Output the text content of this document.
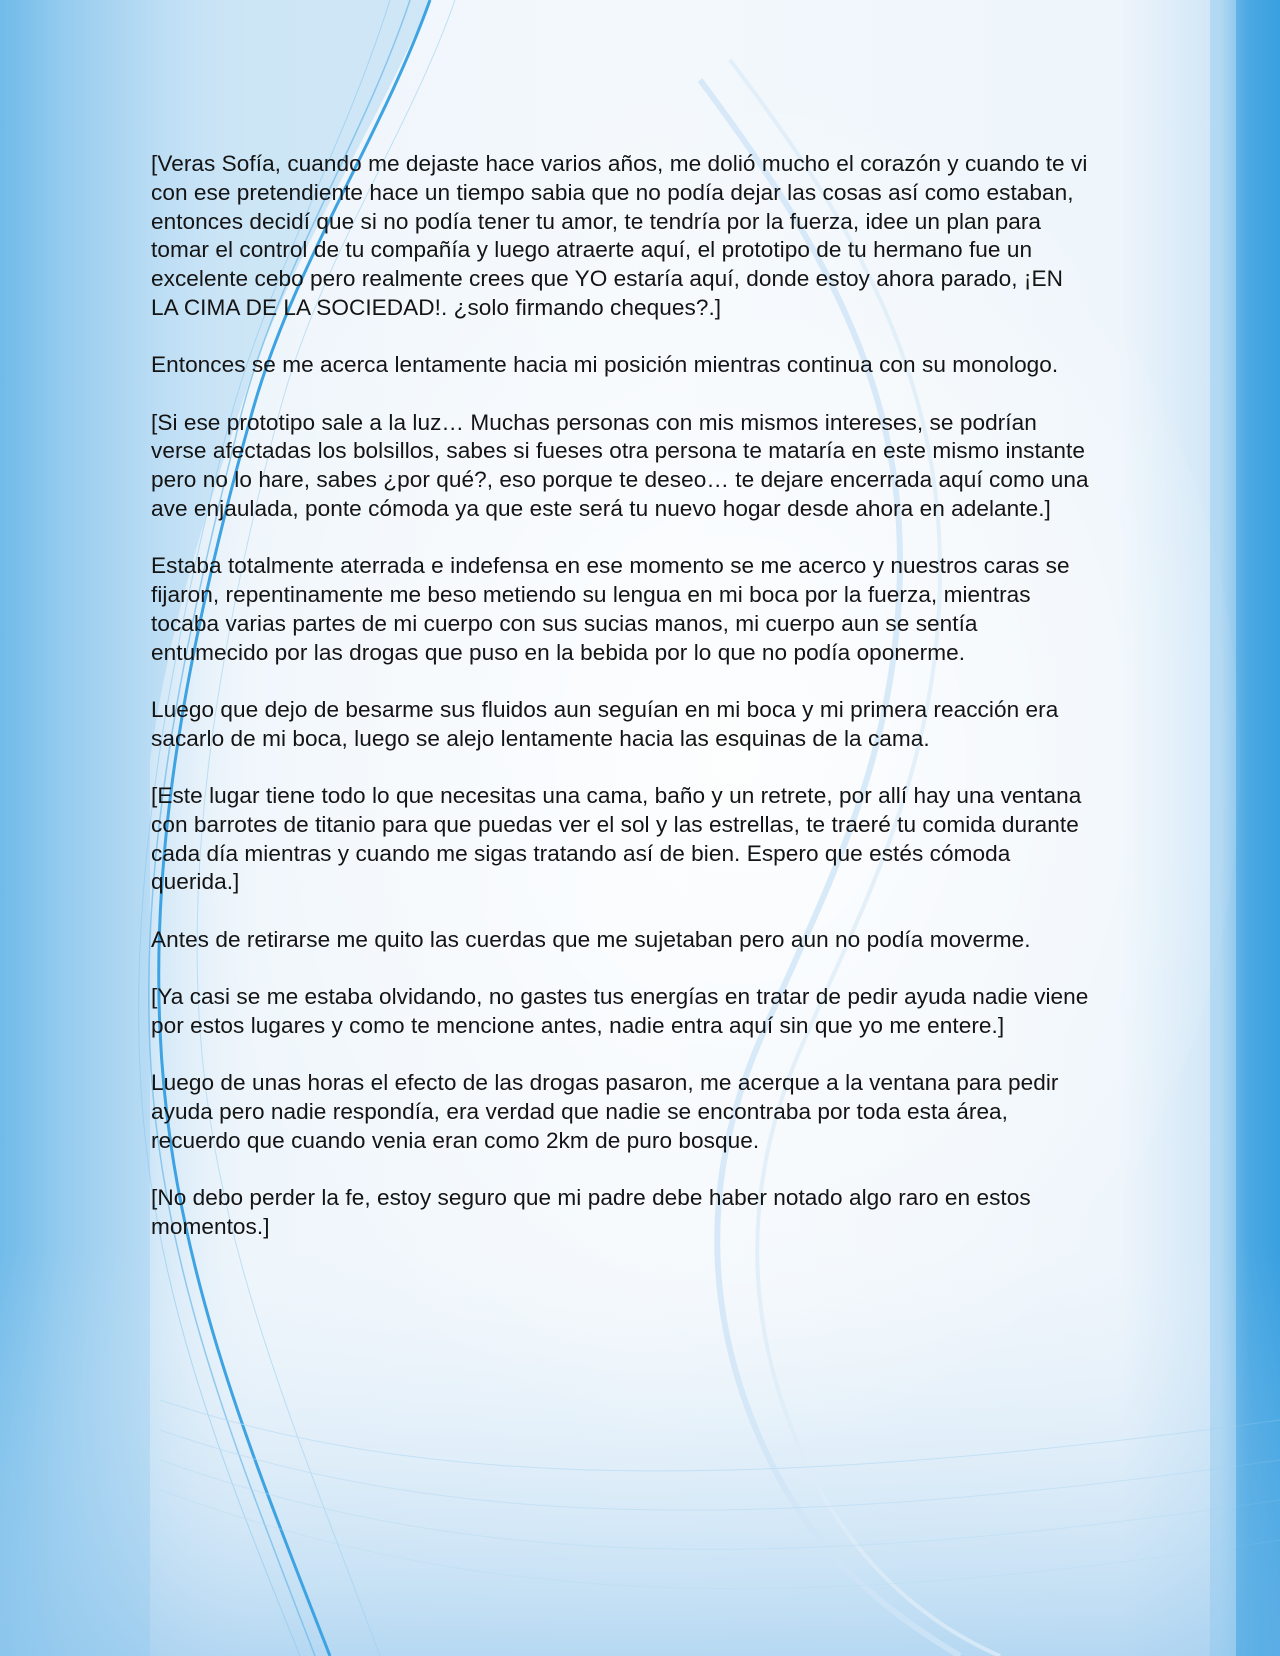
[Veras Sofía, cuando me dejaste hace varios años, me dolió mucho el corazón y cuando te vi con ese pretendiente hace un tiempo sabia que no podía dejar las cosas así como estaban, entonces decidí que si no podía tener tu amor, te tendría por la fuerza, idee un plan para tomar el control de tu compañía y luego atraerte aquí, el prototipo de tu hermano fue un excelente cebo pero realmente crees que YO estaría aquí, donde estoy ahora parado, ¡EN LA CIMA DE LA SOCIEDAD!. ¿solo firmando cheques?.]

Entonces se me acerca lentamente hacia mi posición mientras continua con su monologo.

[Si ese prototipo sale a la luz… Muchas personas con mis mismos intereses, se podrían verse afectadas los bolsillos, sabes si fueses otra persona te mataría en este mismo instante pero no lo hare, sabes ¿por qué?, eso porque te deseo… te dejare encerrada aquí como una ave enjaulada, ponte cómoda ya que este será tu nuevo hogar desde ahora en adelante.]

Estaba totalmente aterrada e indefensa en ese momento se me acerco y nuestros caras se fijaron, repentinamente me beso metiendo su lengua en mi boca por la fuerza, mientras tocaba varias partes de mi cuerpo con sus sucias manos, mi cuerpo aun se sentía entumecido por las drogas que puso en la bebida por lo que no podía oponerme.

Luego que dejo de besarme sus fluidos aun seguían en mi boca y mi primera reacción era sacarlo de mi boca, luego se alejo lentamente hacia las esquinas de la cama.

[Este lugar tiene todo lo que necesitas una cama, baño y un retrete, por allí hay una ventana con barrotes de titanio para que puedas ver el sol y las estrellas, te traeré tu comida durante cada día mientras y cuando me sigas tratando así de bien. Espero que estés cómoda querida.]

Antes de retirarse me quito las cuerdas que me sujetaban pero aun no podía moverme.

[Ya casi se me estaba olvidando, no gastes tus energías en tratar de pedir ayuda nadie viene por estos lugares y como te mencione antes, nadie entra aquí sin que yo me entere.]

Luego de unas horas el efecto de las drogas pasaron, me acerque a la ventana para pedir ayuda pero nadie respondía, era verdad que nadie se encontraba por toda esta área, recuerdo que cuando venia eran como 2km de puro bosque.

[No debo perder la fe, estoy seguro que mi padre debe haber notado algo raro en estos momentos.]
